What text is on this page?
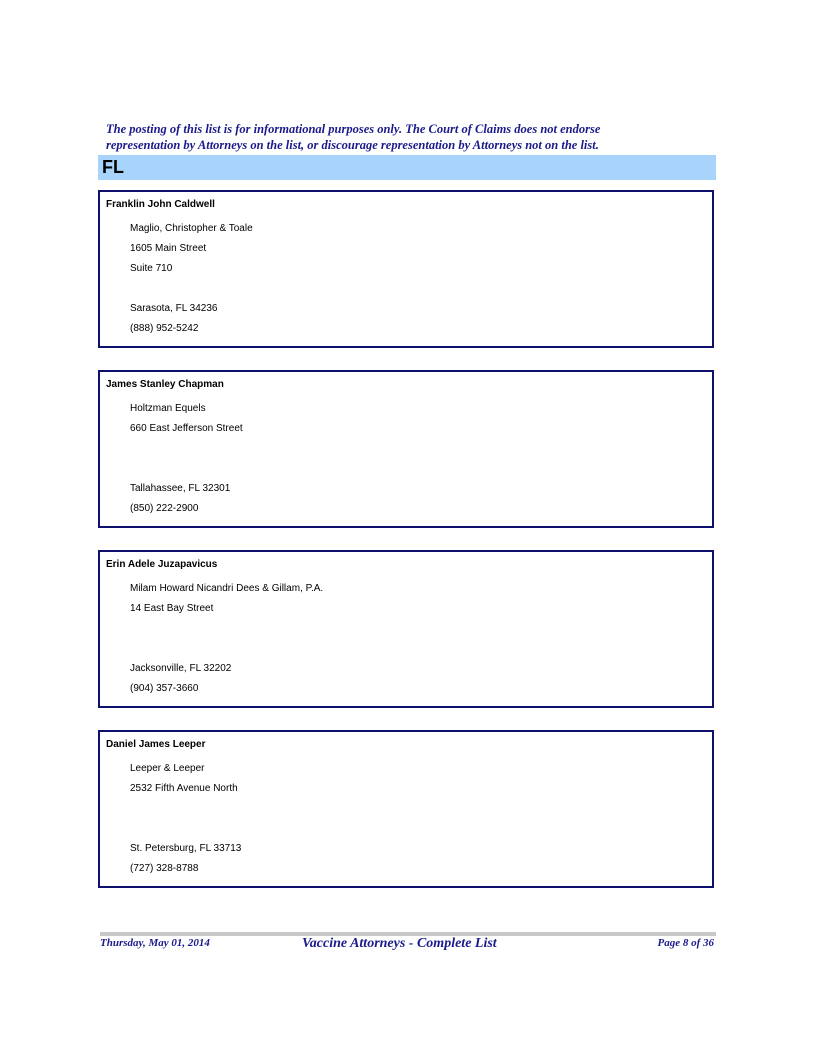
The posting of this list is for informational purposes only. The Court of Claims does not endorse
representation by Attorneys on the list, or discourage representation by Attorneys not on the list.
FL
Franklin John Caldwell
Maglio, Christopher & Toale
1605 Main Street
Suite 710
Sarasota, FL 34236
(888) 952-5242
James Stanley Chapman
Holtzman Equels
660 East Jefferson Street
Tallahassee, FL 32301
(850) 222-2900
Erin Adele Juzapavicus
Milam Howard Nicandri Dees & Gillam, P.A.
14 East Bay Street
Jacksonville, FL 32202
(904) 357-3660
Daniel James Leeper
Leeper & Leeper
2532 Fifth Avenue North
St. Petersburg, FL 33713
(727) 328-8788
Thursday, May 01, 2014	Vaccine Attorneys - Complete List	Page 8 of 36
